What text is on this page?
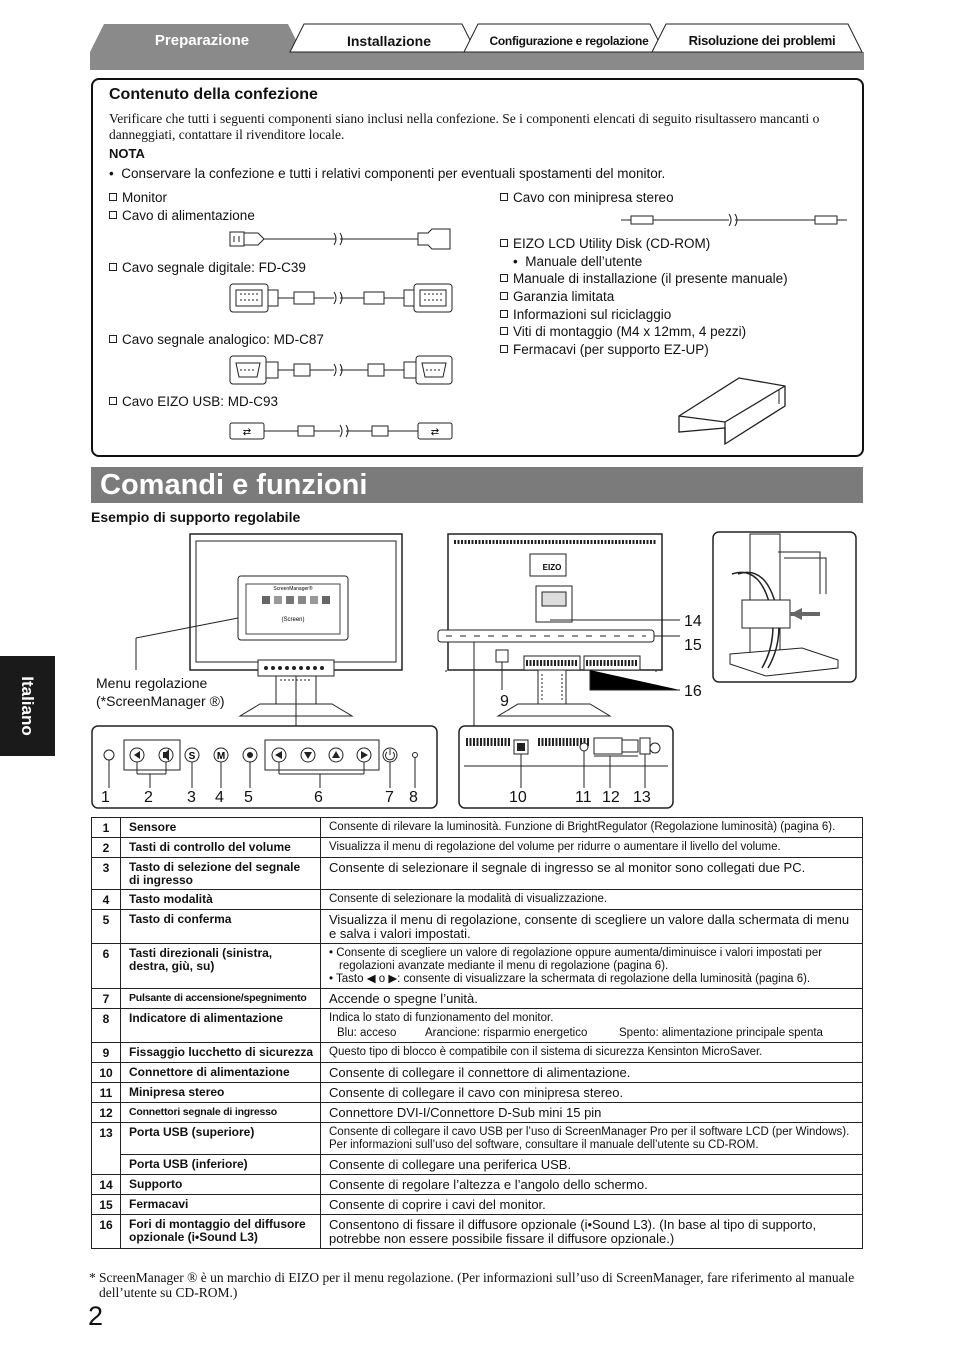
Preparazione	Installazione	Configurazione e regolazione	Risoluzione dei problemi
Contenuto della confezione
Verificare che tutti i seguenti componenti siano inclusi nella confezione. Se i componenti elencati di seguito risultassero mancanti o danneggiati, contattare il rivenditore locale.
NOTA
•  Conservare la confezione e tutti i relativi componenti per eventuali spostamenti del monitor.
Monitor
Cavo di alimentazione
Cavo segnale digitale: FD-C39
Cavo segnale analogico: MD-C87
Cavo EIZO USB: MD-C93
⇄	⇄
Cavo con minipresa stereo
EIZO LCD Utility Disk (CD-ROM)
•  Manuale dell’utente
Manuale di installazione (il presente manuale)
Garanzia limitata
Informazioni sul riciclaggio
Viti di montaggio (M4 x 12mm, 4 pezzi)
Fermacavi (per supporto EZ-UP)
Comandi e funzioni
Esempio di supporto regolabile
Italiano
ScreenManager®
(Screen)
S M
EIZO
1 2 3 4 5	6	7 8
9
10	11 12 13
14
15
16
Menu regolazione
(*ScreenManager ®)
1	Sensore	Consente di rilevare la luminosità. Funzione di BrightRegulator (Regolazione luminosità) (pagina 6).

2	Tasti di controllo del volume	Visualizza il menu di regolazione del volume per ridurre o aumentare il livello del volume.

3	Tasto di selezione del segnale di ingresso	Consente di selezionare il segnale di ingresso se al monitor sono collegati due PC.

4	Tasto modalità	Consente di selezionare la modalità di visualizzazione.

5	Tasto di conferma	Visualizza il menu di regolazione, consente di scegliere un valore dalla schermata di menu e salva i valori impostati.

6	Tasti direzionali (sinistra, destra, giù, su)	• Consente di scegliere un valore di regolazione oppure aumenta/diminuisce i valori impostati per regolazioni avanzate mediante il menu di regolazione (pagina 6).
• Tasto ◀ o ▶: consente di visualizzare la schermata di regolazione della luminosità (pagina 6).

7	Pulsante di accensione/spegnimento	Accende o spegne l’unità.

8	Indicatore di alimentazione	Indica lo stato di funzionamento del monitor.
Blu: acceso Arancione: risparmio energetico Spento: alimentazione principale spenta

9	Fissaggio lucchetto di sicurezza	Questo tipo di blocco è compatibile con il sistema di sicurezza Kensinton MicroSaver.

10	Connettore di alimentazione	Consente di collegare il connettore di alimentazione.

11	Minipresa stereo	Consente di collegare il cavo con minipresa stereo.

12	Connettori segnale di ingresso	Connettore DVI-I/Connettore D-Sub mini 15 pin

13	Porta USB (superiore)	Consente di collegare il cavo USB per l’uso di ScreenManager Pro per il software LCD (per Windows). Per informazioni sull’uso del software, consultare il manuale dell’utente su CD-ROM.

	Porta USB (inferiore)	Consente di collegare una periferica USB.

14	Supporto	Consente di regolare l’altezza e l’angolo dello schermo.

15	Fermacavi	Consente di coprire i cavi del monitor.

16	Fori di montaggio del diffusore opzionale (i•Sound L3)	Consentono di fissare il diffusore opzionale (i•Sound L3). (In base al tipo di supporto, potrebbe non essere possibile fissare il diffusore opzionale.)
* ScreenManager ® è un marchio di EIZO per il menu regolazione. (Per informazioni sull’uso di ScreenManager, fare riferimento al manuale dell’utente su CD-ROM.)
2
